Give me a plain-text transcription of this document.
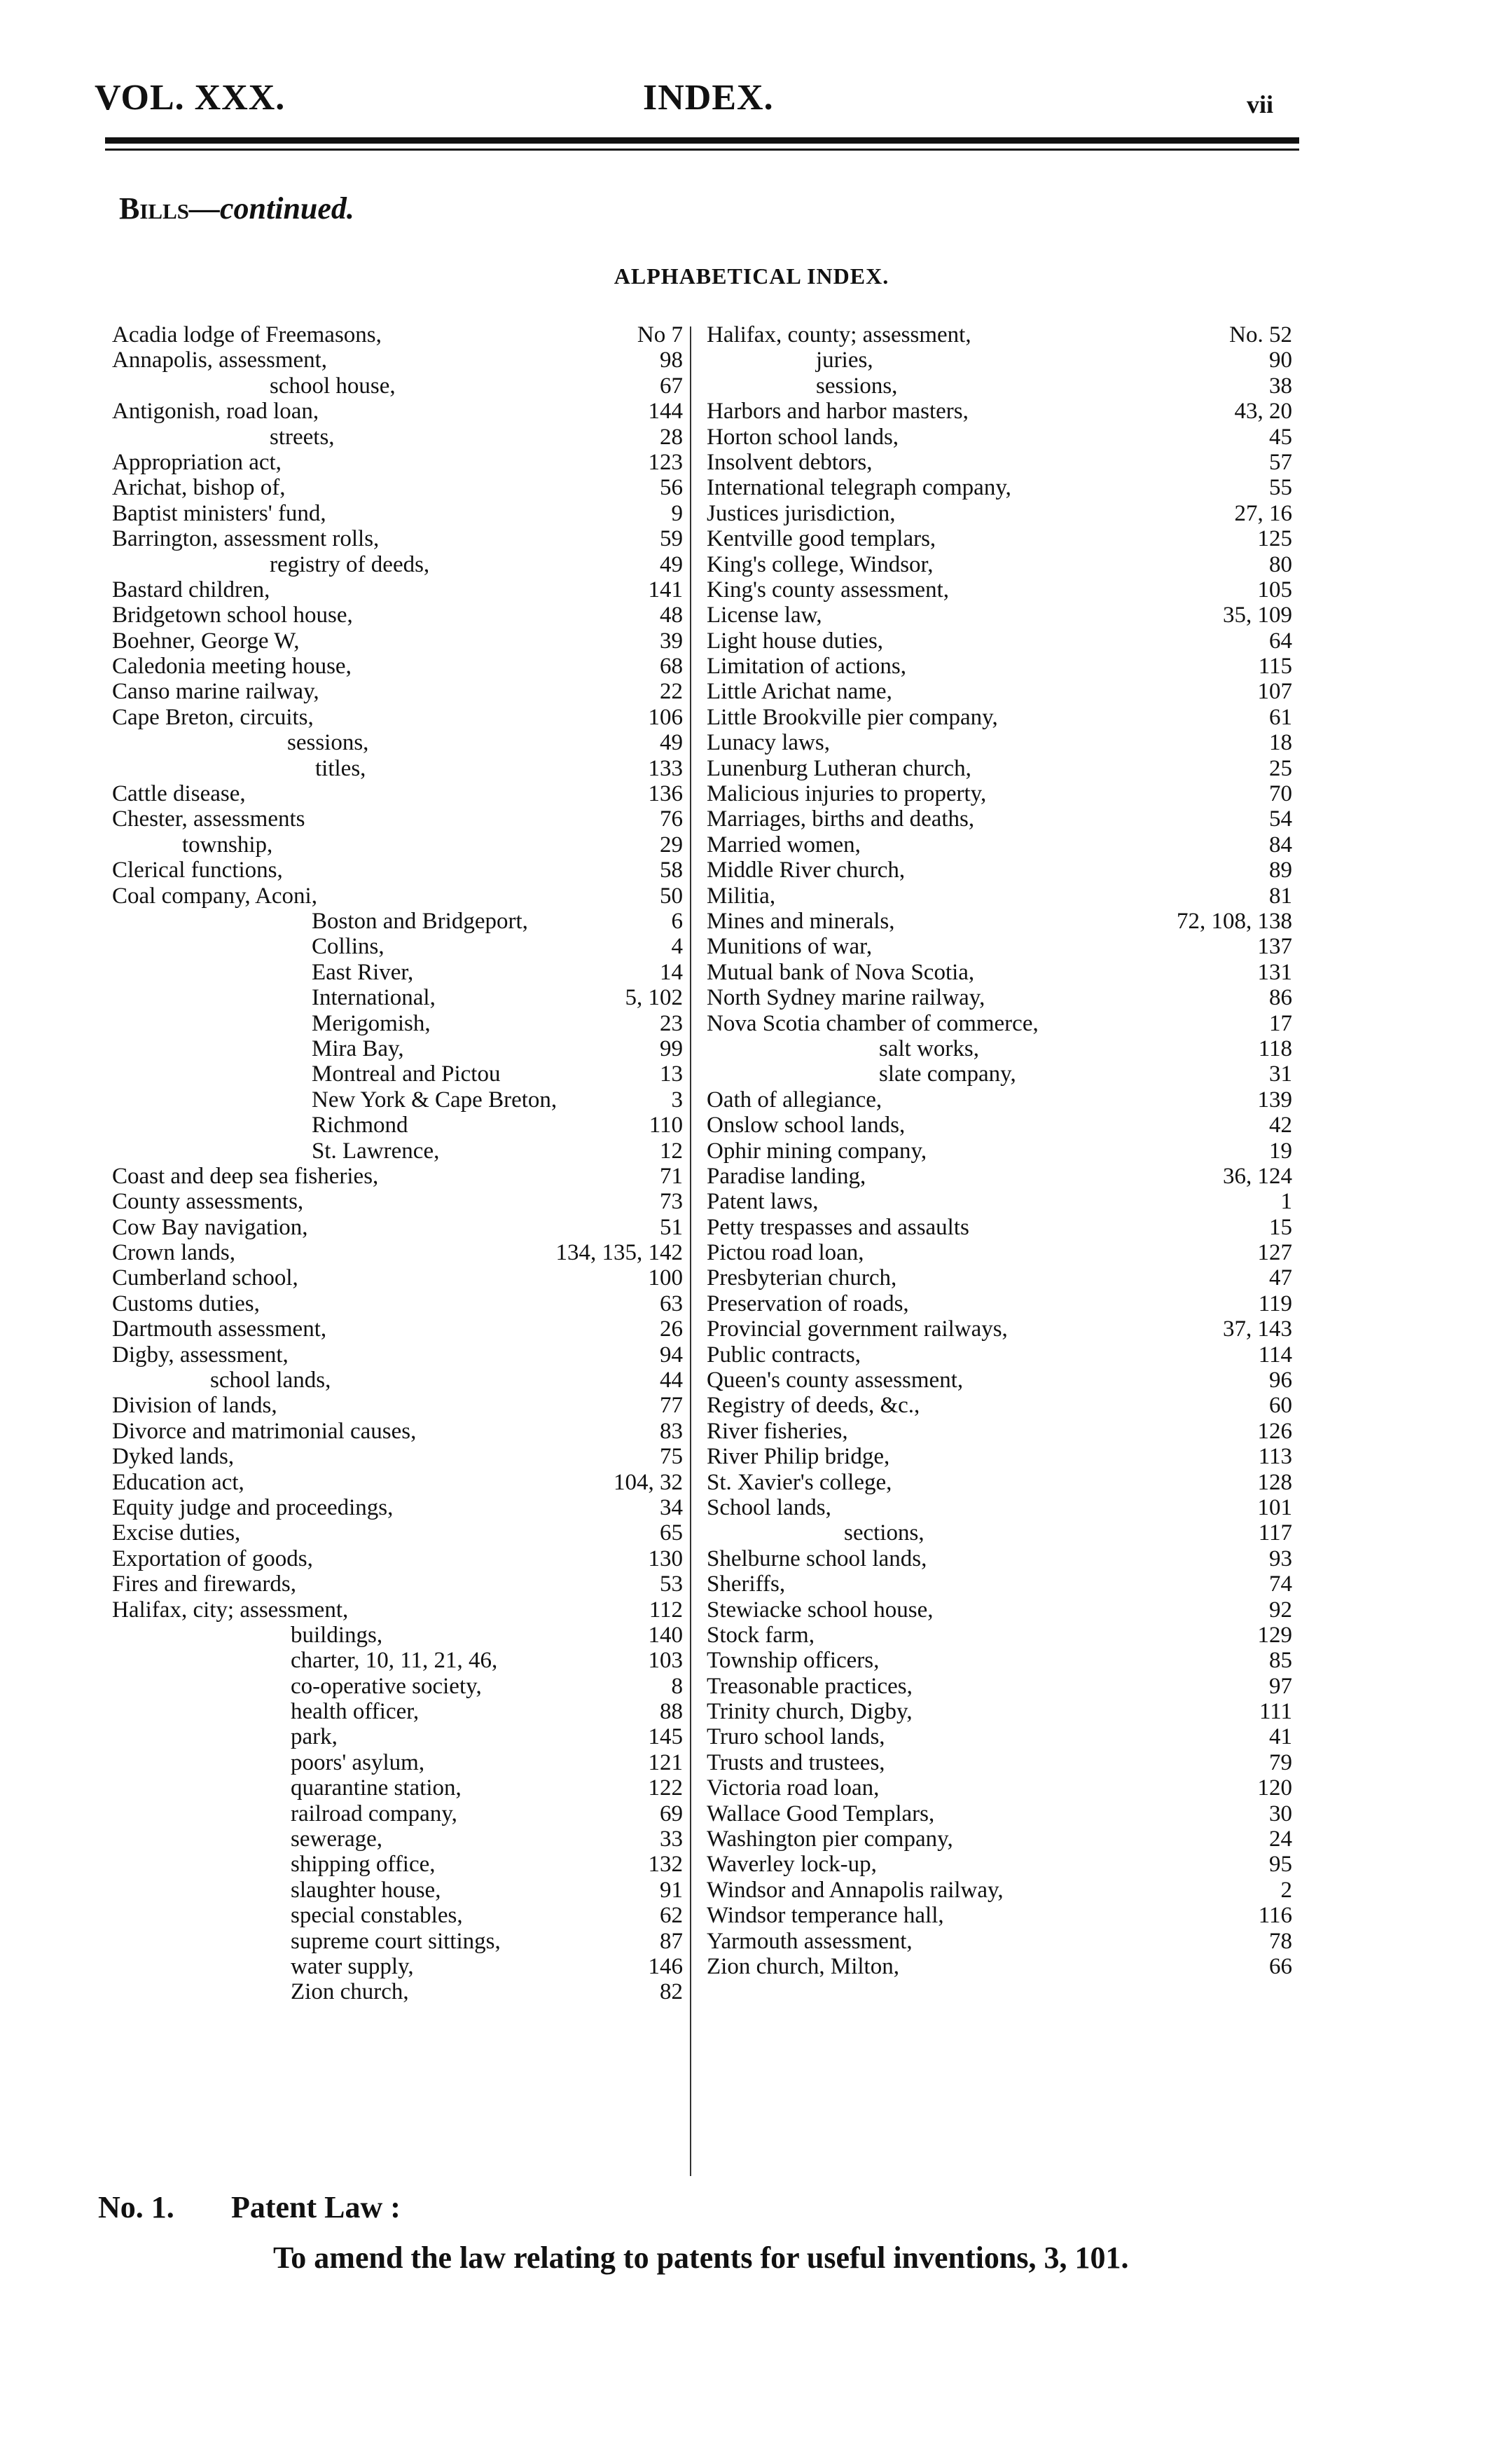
VOL. XXX.	INDEX.	vii
Bills—continued.
ALPHABETICAL INDEX.
Acadia lodge of Freemasons,	No 7
Annapolis, assessment,	98
school house,	67
Antigonish, road loan,	144
streets,	28
Appropriation act,	123
Arichat, bishop of,	56
Baptist ministers' fund,	9
Barrington, assessment rolls,	59
registry of deeds,	49
Bastard children,	141
Bridgetown school house,	48
Boehner, George W,	39
Caledonia meeting house,	68
Canso marine railway,	22
Cape Breton, circuits,	106
sessions,	49
titles,	133
Cattle disease,	136
Chester, assessments	76
township,	29
Clerical functions,	58
Coal company, Aconi,	50
Boston and Bridgeport,	6
Collins,	4
East River,	14
International,	5, 102
Merigomish,	23
Mira Bay,	99
Montreal and Pictou	13
New York & Cape Breton,	3
Richmond	110
St. Lawrence,	12
Coast and deep sea fisheries,	71
County assessments,	73
Cow Bay navigation,	51
Crown lands,	134, 135, 142
Cumberland school,	100
Customs duties,	63
Dartmouth assessment,	26
Digby, assessment,	94
school lands,	44
Division of lands,	77
Divorce and matrimonial causes,	83
Dyked lands,	75
Education act,	104, 32
Equity judge and proceedings,	34
Excise duties,	65
Exportation of goods,	130
Fires and firewards,	53
Halifax, city; assessment,	112
buildings,	140
charter, 10, 11, 21, 46,	103
co-operative society,	8
health officer,	88
park,	145
poors' asylum,	121
quarantine station,	122
railroad company,	69
sewerage,	33
shipping office,	132
slaughter house,	91
special constables,	62
supreme court sittings,	87
water supply,	146
Zion church,	82
Halifax, county; assessment,	No. 52
juries,	90
sessions,	38
Harbors and harbor masters,	43, 20
Horton school lands,	45
Insolvent debtors,	57
International telegraph company,	55
Justices jurisdiction,	27, 16
Kentville good templars,	125
King's college, Windsor,	80
King's county assessment,	105
License law,	35, 109
Light house duties,	64
Limitation of actions,	115
Little Arichat name,	107
Little Brookville pier company,	61
Lunacy laws,	18
Lunenburg Lutheran church,	25
Malicious injuries to property,	70
Marriages, births and deaths,	54
Married women,	84
Middle River church,	89
Militia,	81
Mines and minerals,	72, 108, 138
Munitions of war,	137
Mutual bank of Nova Scotia,	131
North Sydney marine railway,	86
Nova Scotia chamber of commerce,	17
salt works,	118
slate company,	31
Oath of allegiance,	139
Onslow school lands,	42
Ophir mining company,	19
Paradise landing,	36, 124
Patent laws,	1
Petty trespasses and assaults	15
Pictou road loan,	127
Presbyterian church,	47
Preservation of roads,	119
Provincial government railways,	37, 143
Public contracts,	114
Queen's county assessment,	96
Registry of deeds, &c.,	60
River fisheries,	126
River Philip bridge,	113
St. Xavier's college,	128
School lands,	101
sections,	117
Shelburne school lands,	93
Sheriffs,	74
Stewiacke school house,	92
Stock farm,	129
Township officers,	85
Treasonable practices,	97
Trinity church, Digby,	111
Truro school lands,	41
Trusts and trustees,	79
Victoria road loan,	120
Wallace Good Templars,	30
Washington pier company,	24
Waverley lock-up,	95
Windsor and Annapolis railway,	2
Windsor temperance hall,	116
Yarmouth assessment,	78
Zion church, Milton,	66
No. 1. Patent Law :
To amend the law relating to patents for useful inventions, 3, 101.
